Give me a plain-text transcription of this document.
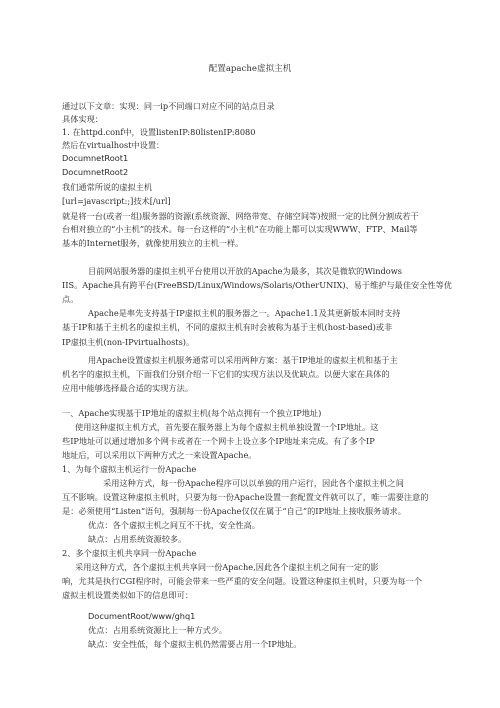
配置apache虚拟主机
通过以下文章：实现：同一ip不同端口对应不同的站点目录
具体实现：
1. 在httpd.conf中，设置listenIP:80listenIP:8080
然后在virtualhost中设置：
DocumnetRoot1
DocumnetRoot2
我们通常所说的虚拟主机
[url=javascript:;]技术[/url]
就是将一台(或者一组)服务器的资源(系统资源、网络带宽、存储空间等)按照一定的比例分割成若干
台相对独立的“小主机”的技术。每一台这样的“小主机”在功能上都可以实现WWW、FTP、Mail等
基本的Internet服务，就像使用独立的主机一样。
目前网站服务器的虚拟主机平台使用以开放的Apache为最多，其次是微软的Windows
IIS。Apache具有跨平台(FreeBSD/Linux/Windows/Solaris/OtherUNIX)、易于维护与最佳安全性等优
点。
Apache是率先支持基于IP虚拟主机的服务器之一。Apache1.1及其更新版本同时支持
基于IP和基于主机名的虚拟主机，不同的虚拟主机有时会被称为基于主机(host-based)或非
IP虚拟主机(non-IPvirtualhosts)。
用Apache设置虚拟主机服务通常可以采用两种方案：基于IP地址的虚拟主机和基于主
机名字的虚拟主机，下面我们分别介绍一下它们的实现方法以及优缺点。以便大家在具体的
应用中能够选择最合适的实现方法。
一、Apache实现基于IP地址的虚拟主机(每个站点拥有一个独立IP地址)
使用这种虚拟主机方式，首先要在服务器上为每个虚拟主机单独设置一个IP地址。这
些IP地址可以通过增加多个网卡或者在一个网卡上设立多个IP地址来完成。有了多个IP
地址后，可以采用以下两种方式之一来设置Apache。
1、为每个虚拟主机运行一份Apache
采用这种方式，每一份Apache程序可以以单独的用户运行，因此各个虚拟主机之间
互不影响。设置这种虚拟主机时，只要为每一份Apache设置一套配置文件就可以了，唯一需要注意的
是：必须使用“Listen”语句，强制每一份Apache仅仅在属于“自己”的IP地址上接收服务请求。
优点：各个虚拟主机之间互不干扰，安全性高。
缺点：占用系统资源较多。
2、多个虚拟主机共享同一份Apache
采用这种方式，各个虚拟主机共享同一份Apache,因此各个虚拟主机之间有一定的影
响，尤其是执行CGI程序时，可能会带来一些严重的安全问题。设置这种虚拟主机时，只要为每一个
虚拟主机设置类似如下的信息即可：
DocumentRoot/www/ghq1
优点：占用系统资源比上一种方式少。
缺点：安全性低，每个虚拟主机仍然需要占用一个IP地址。
